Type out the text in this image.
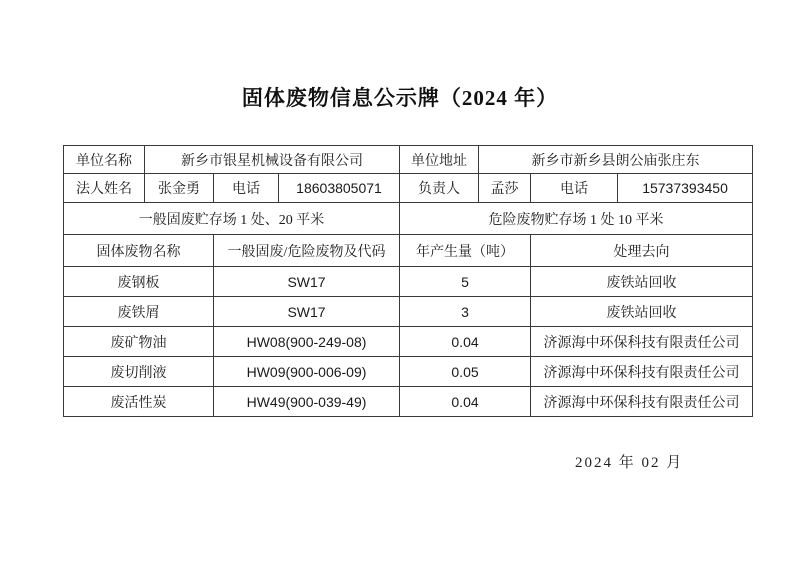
固体废物信息公示牌（2024 年）
单位名称	新乡市银星机械设备有限公司			单位地址	新乡市新乡县朗公庙张庄东		
法人姓名	张金勇	电话	18603805071	负责人	孟莎	电话	15737393450
一般固废贮存场 1 处、20 平米				危险废物贮存场 1 处 10 平米			
固体废物名称		一般固废/危险废物及代码		年产生量（吨）		处理去向	
废钢板		SW17		5		废铁站回收	
废铁屑		SW17		3		废铁站回收	
废矿物油		HW08(900-249-08)		0.04		济源海中环保科技有限责任公司	
废切削液		HW09(900-006-09)		0.05		济源海中环保科技有限责任公司	
废活性炭		HW49(900-039-49)		0.04		济源海中环保科技有限责任公司	
2024 年 02 月
